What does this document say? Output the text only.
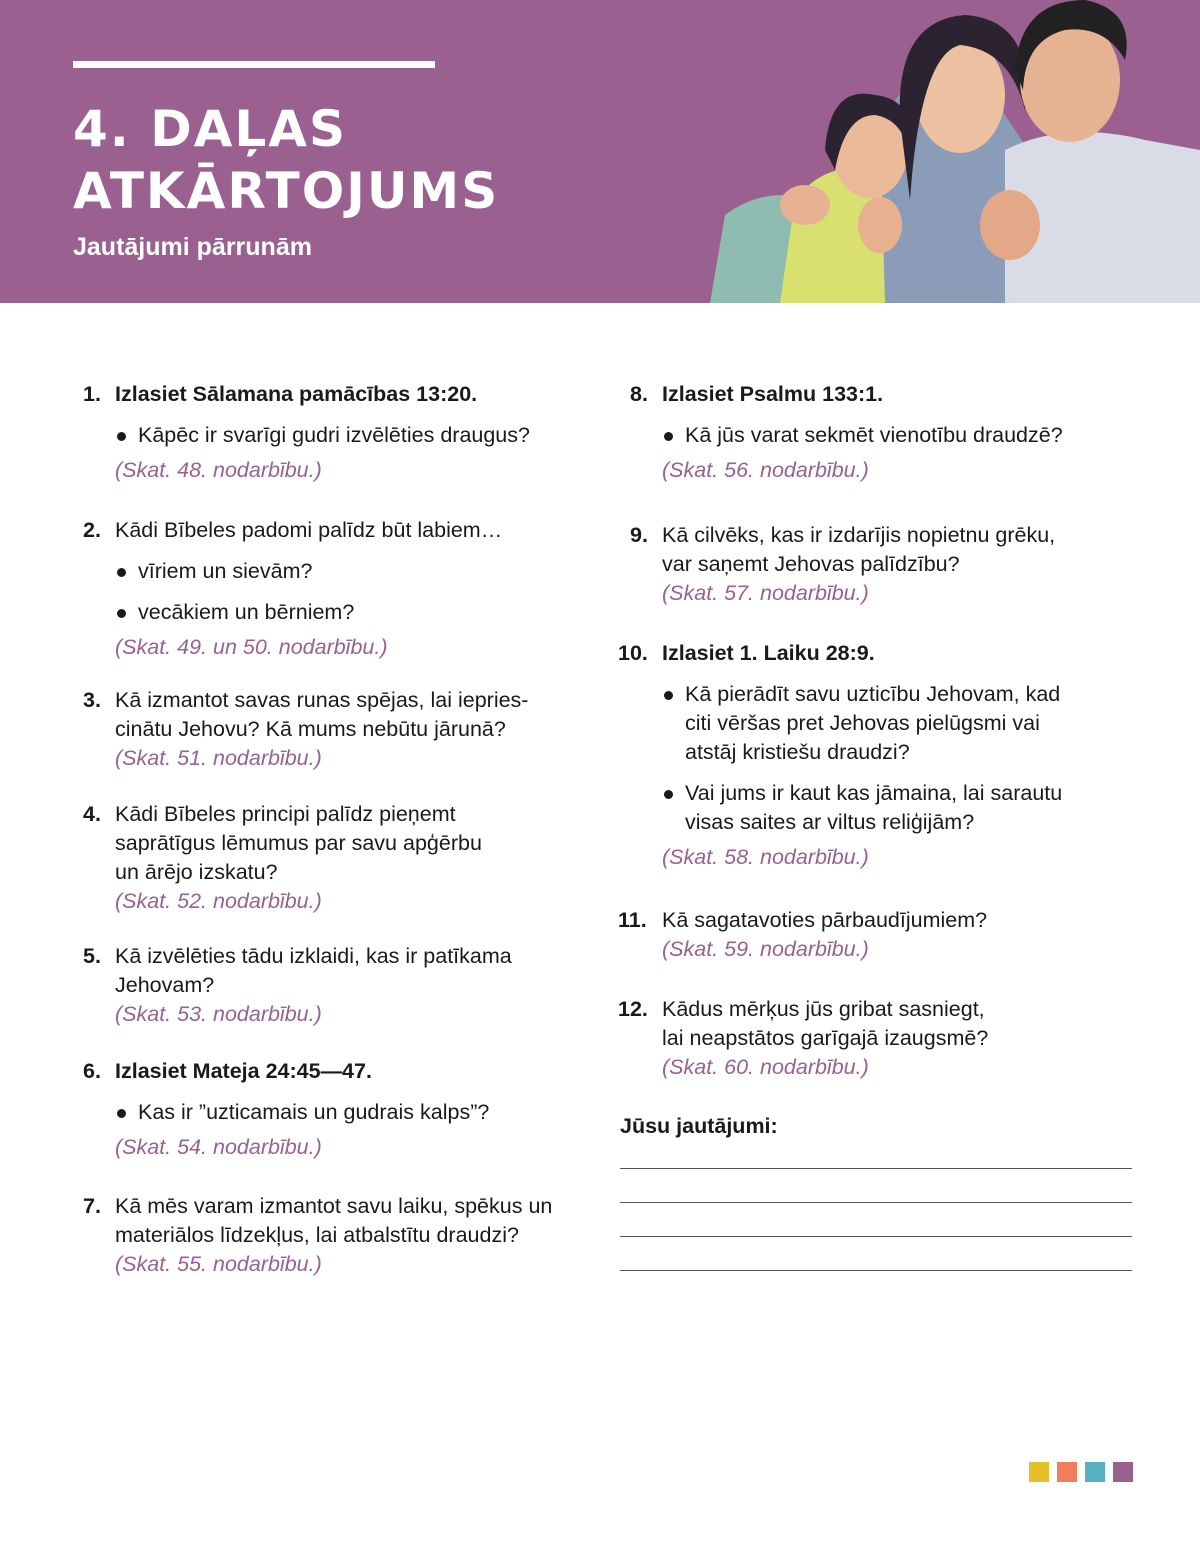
4. DAĻAS
ATKĀRTOJUMS
Jautājumi pārrunām
1. Izlasiet Sālamana pamācības 13:20.
Kāpēc ir svarīgi gudri izvēlēties draugus?
(Skat. 48. nodarbību.)
2. Kādi Bībeles padomi palīdz būt labiem…
vīriem un sievām?
vecākiem un bērniem?
(Skat. 49. un 50. nodarbību.)
3. Kā izmantot savas runas spējas, lai iepries-
cinātu Jehovu? Kā mums nebūtu jārunā?
(Skat. 51. nodarbību.)
4. Kādi Bībeles principi palīdz pieņemt
saprātīgus lēmumus par savu apģērbu
un ārējo izskatu?
(Skat. 52. nodarbību.)
5. Kā izvēlēties tādu izklaidi, kas ir patīkama
Jehovam?
(Skat. 53. nodarbību.)
6. Izlasiet Mateja 24:45—47.
Kas ir ”uzticamais un gudrais kalps”?
(Skat. 54. nodarbību.)
7. Kā mēs varam izmantot savu laiku, spēkus un
materiālos līdzekļus, lai atbalstītu draudzi?
(Skat. 55. nodarbību.)
8. Izlasiet Psalmu 133:1.
Kā jūs varat sekmēt vienotību draudzē?
(Skat. 56. nodarbību.)
9. Kā cilvēks, kas ir izdarījis nopietnu grēku,
var saņemt Jehovas palīdzību?
(Skat. 57. nodarbību.)
10. Izlasiet 1. Laiku 28:9.
Kā pierādīt savu uzticību Jehovam, kad citi vēršas pret Jehovas pielūgsmi vai atstāj kristiešu draudzi?
Vai jums ir kaut kas jāmaina, lai sarautu visas saites ar viltus reliģijām?
(Skat. 58. nodarbību.)
11. Kā sagatavoties pārbaudījumiem?
(Skat. 59. nodarbību.)
12. Kādus mērķus jūs gribat sasniegt,
lai neapstātos garīgajā izaugsmē?
(Skat. 60. nodarbību.)
Jūsu jautājumi:
